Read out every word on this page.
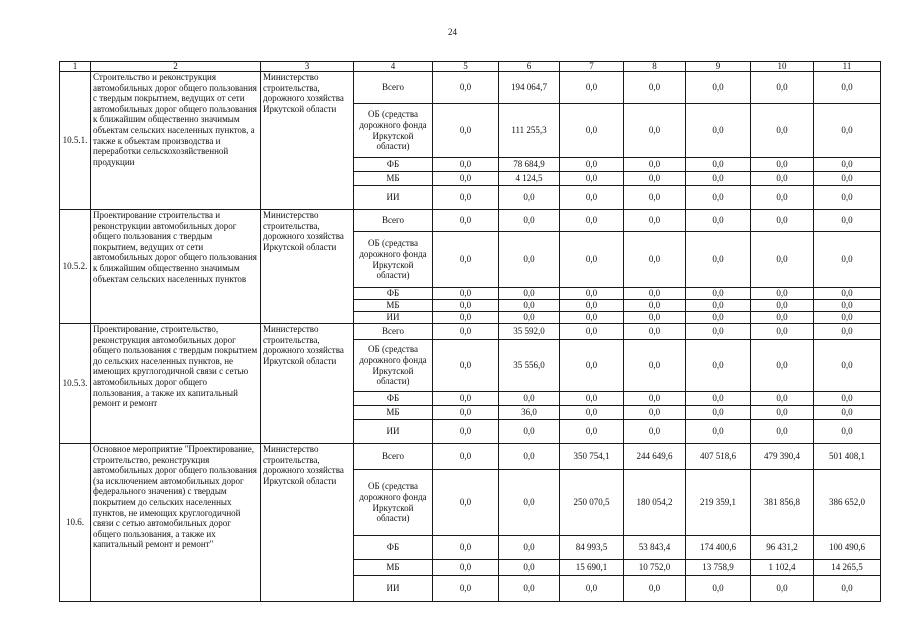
24
1	2	3	4	5	6	7	8	9	10	11
10.5.1.	Строительство и реконструкция автомобильных дорог общего пользования с твердым покрытием, ведущих от сети автомобильных дорог общего пользования к ближайшим общественно значимым объектам сельских населенных пунктов, а также к объектам производства и переработки сельскохозяйственной продукции	Министерство строительства, дорожного хозяйства Иркутской области	Всего	0,0	194 064,7	0,0	0,0	0,0	0,0	0,0
			ОБ (средства дорожного фонда Иркутской области)	0,0	111 255,3	0,0	0,0	0,0	0,0	0,0
			ФБ	0,0	78 684,9	0,0	0,0	0,0	0,0	0,0
			МБ	0,0	4 124,5	0,0	0,0	0,0	0,0	0,0
			ИИ	0,0	0,0	0,0	0,0	0,0	0,0	0,0
10.5.2.	Проектирование строительства и реконструкции автомобильных дорог общего пользования с твердым покрытием, ведущих от сети автомобильных дорог общего пользования к ближайшим общественно значимым объектам сельских населенных пунктов	Министерство строительства, дорожного хозяйства Иркутской области	Всего	0,0	0,0	0,0	0,0	0,0	0,0	0,0
			ОБ (средства дорожного фонда Иркутской области)	0,0	0,0	0,0	0,0	0,0	0,0	0,0
			ФБ	0,0	0,0	0,0	0,0	0,0	0,0	0,0
			МБ	0,0	0,0	0,0	0,0	0,0	0,0	0,0
			ИИ	0,0	0,0	0,0	0,0	0,0	0,0	0,0
10.5.3.	Проектирование, строительство, реконструкция автомобильных дорог общего пользования с твердым покрытием до сельских населенных пунктов, не имеющих круглогодичной связи с сетью автомобильных дорог общего пользования, а также их капитальный ремонт и ремонт	Министерство строительства, дорожного хозяйства Иркутской области	Всего	0,0	35 592,0	0,0	0,0	0,0	0,0	0,0
			ОБ (средства дорожного фонда Иркутской области)	0,0	35 556,0	0,0	0,0	0,0	0,0	0,0
			ФБ	0,0	0,0	0,0	0,0	0,0	0,0	0,0
			МБ	0,0	36,0	0,0	0,0	0,0	0,0	0,0
			ИИ	0,0	0,0	0,0	0,0	0,0	0,0	0,0
10.6.	Основное мероприятие "Проектирование, строительство, реконструкция автомобильных дорог общего пользования (за исключением автомобильных дорог федерального значения) с твердым покрытием до сельских населенных пунктов, не имеющих круглогодичной связи с сетью автомобильных дорог общего пользования, а также их капитальный ремонт и ремонт"	Министерство строительства, дорожного хозяйства Иркутской области	Всего	0,0	0,0	350 754,1	244 649,6	407 518,6	479 390,4	501 408,1
			ОБ (средства дорожного фонда Иркутской области)	0,0	0,0	250 070,5	180 054,2	219 359,1	381 856,8	386 652,0
			ФБ	0,0	0,0	84 993,5	53 843,4	174 400,6	96 431,2	100 490,6
			МБ	0,0	0,0	15 690,1	10 752,0	13 758,9	1 102,4	14 265,5
			ИИ	0,0	0,0	0,0	0,0	0,0	0,0	0,0
